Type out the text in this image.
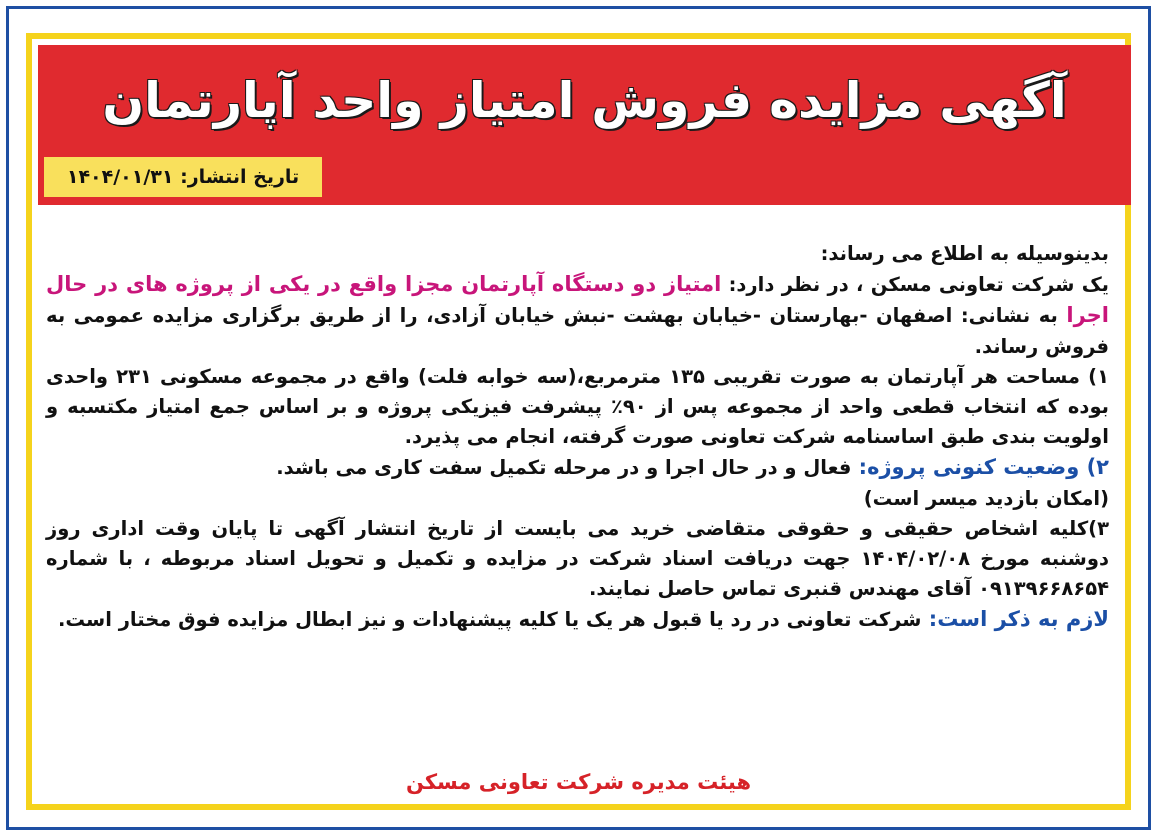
آگهی مزایده فروش امتیاز واحد آپارتمان
تاریخ انتشار: ۱۴۰۴/۰۱/۳۱

بدینوسیله به اطلاع می رساند:

یک شرکت تعاونی مسکن ، در نظر دارد: امتیاز دو دستگاه آپارتمان مجزا واقع در یکی از پروژه های در حال اجرا به نشانی: اصفهان -بهارستان -خیابان بهشت -نبش خیابان آزادی، را از طریق برگزاری مزایده عمومی به فروش رساند.

۱) مساحت هر آپارتمان به صورت تقریبی ۱۳۵ مترمربع،(سه خوابه فلت) واقع در مجموعه مسکونی ۲۳۱ واحدی بوده که انتخاب قطعی واحد از مجموعه پس از ۹۰٪ پیشرفت فیزیکی پروژه و بر اساس جمع امتیاز مکتسبه و اولویت بندی طبق اساسنامه شرکت تعاونی صورت گرفته، انجام می پذیرد.

۲) وضعیت کنونی پروژه: فعال و در حال اجرا و در مرحله تکمیل سفت کاری می باشد.

(امکان بازدید میسر است)

۳)کلیه اشخاص حقیقی و حقوقی متقاضی خرید می بایست از تاریخ انتشار آگهی تا پایان وقت اداری روز دوشنبه مورخ ۱۴۰۴/۰۲/۰۸ جهت دریافت اسناد شرکت در مزایده و تکمیل و تحویل اسناد مربوطه ، با شماره ۰۹۱۳۹۶۶۸۶۵۴ آقای مهندس قنبری تماس حاصل نمایند.

لازم به ذکر است: شرکت تعاونی در رد یا قبول هر یک یا کلیه پیشنهادات و نیز ابطال مزایده فوق مختار است.

هیئت مدیره شرکت تعاونی مسکن
